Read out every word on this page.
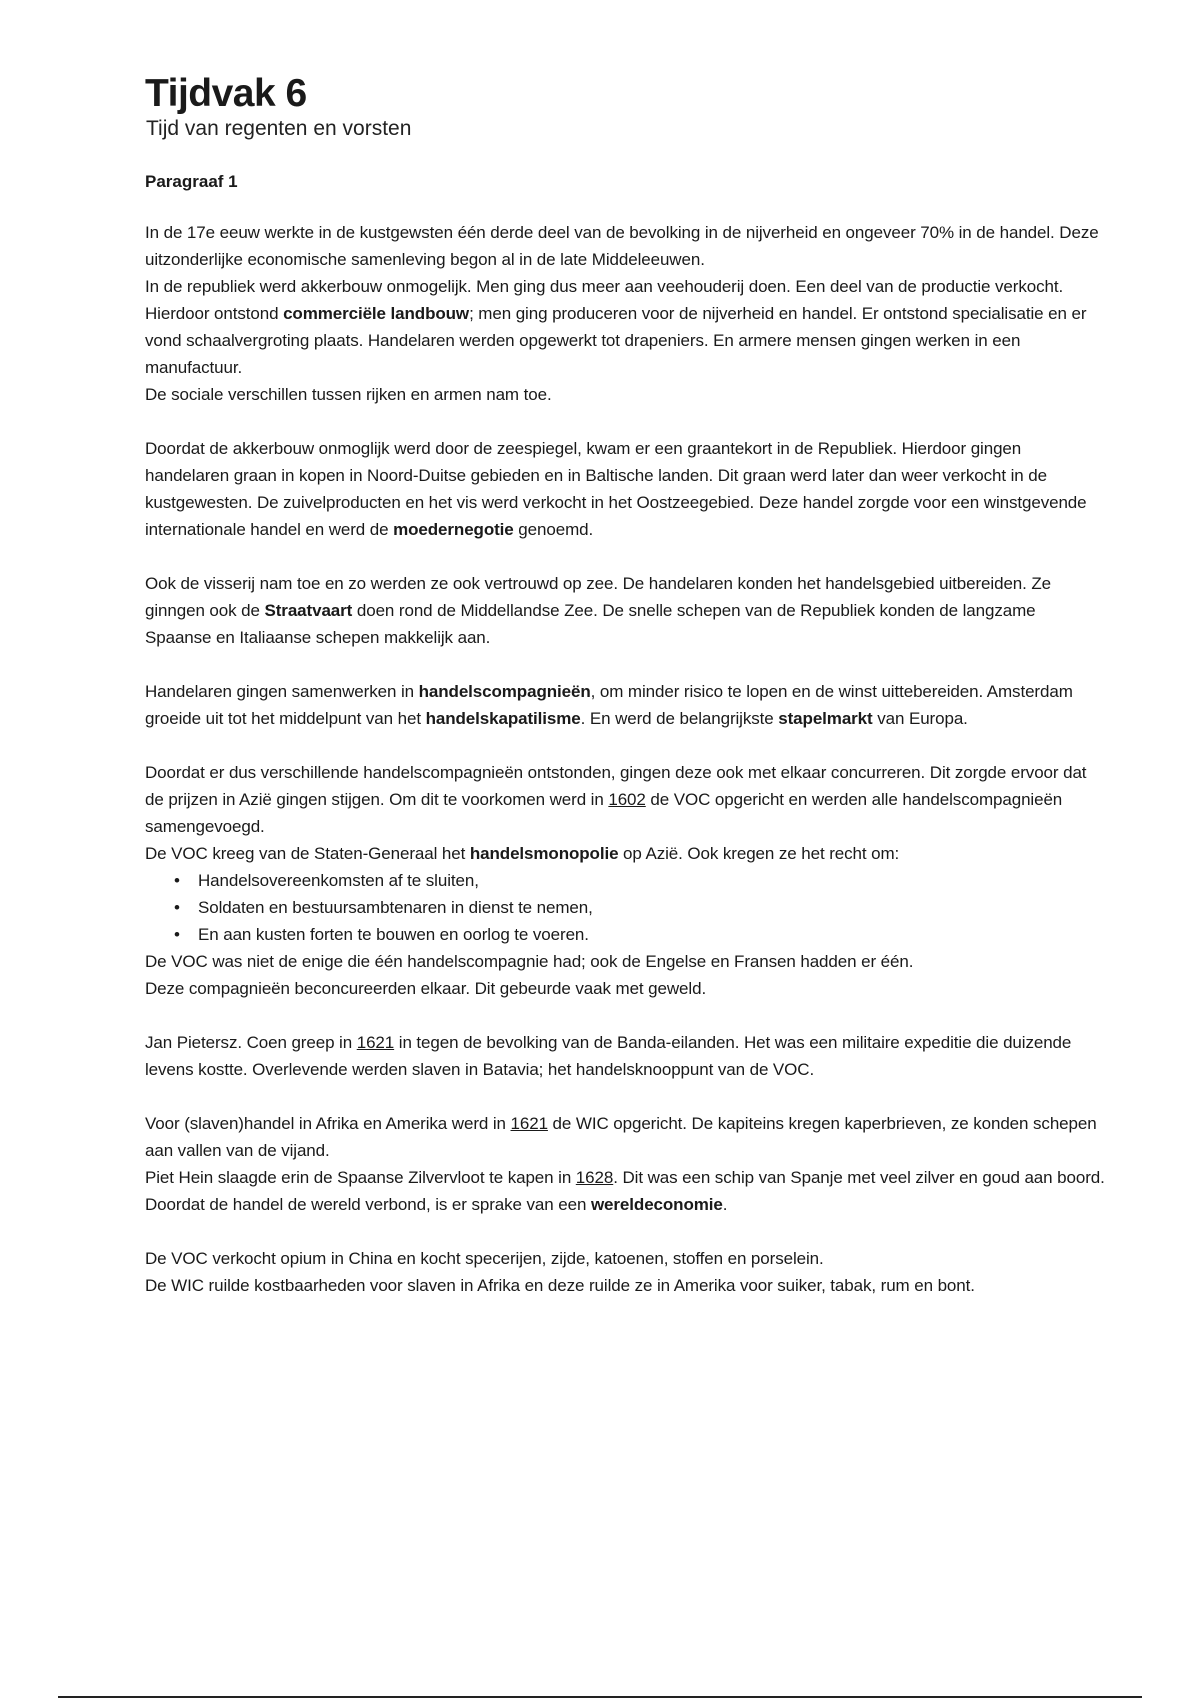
Tijdvak 6
Tijd van regenten en vorsten
Paragraaf 1

In de 17e eeuw werkte in de kustgewsten één derde deel van de bevolking in de nijverheid en ongeveer 70% in de handel. Deze uitzonderlijke economische samenleving begon al in de late Middeleeuwen.

In de republiek werd akkerbouw onmogelijk. Men ging dus meer aan veehouderij doen. Een deel van de productie verkocht. Hierdoor ontstond commerciële landbouw; men ging produceren voor de nijverheid en handel. Er ontstond specialisatie en er vond schaalvergroting plaats. Handelaren werden opgewerkt tot drapeniers. En armere mensen gingen werken in een manufactuur.

De sociale verschillen tussen rijken en armen nam toe.

Doordat de akkerbouw onmoglijk werd door de zeespiegel, kwam er een graantekort in de Republiek. Hierdoor gingen handelaren graan in kopen in Noord-Duitse gebieden en in Baltische landen. Dit graan werd later dan weer verkocht in de kustgewesten. De zuivelproducten en het vis werd verkocht in het Oostzeegebied. Deze handel zorgde voor een winstgevende internationale handel en werd de moedernegotie genoemd.

Ook de visserij nam toe en zo werden ze ook vertrouwd op zee. De handelaren konden het handelsgebied uitbereiden. Ze ginngen ook de Straatvaart doen rond de Middellandse Zee. De snelle schepen van de Republiek konden de langzame Spaanse en Italiaanse schepen makkelijk aan.

Handelaren gingen samenwerken in handelscompagnieën, om minder risico te lopen en de winst uittebereiden. Amsterdam groeide uit tot het middelpunt van het handelskapatilisme. En werd de belangrijkste stapelmarkt van Europa.

Doordat er dus verschillende handelscompagnieën ontstonden, gingen deze ook met elkaar concurreren. Dit zorgde ervoor dat de prijzen in Azië gingen stijgen. Om dit te voorkomen werd in 1602 de VOC opgericht en werden alle handelscompagnieën samengevoegd.

De VOC kreeg van de Staten-Generaal het handelsmonopolie op Azië. Ook kregen ze het recht om:

• Handelsovereenkomsten af te sluiten,
• Soldaten en bestuursambtenaren in dienst te nemen,
• En aan kusten forten te bouwen en oorlog te voeren.

De VOC was niet de enige die één handelscompagnie had; ook de Engelse en Fransen hadden er één.

Deze compagnieën beconcureerden elkaar. Dit gebeurde vaak met geweld.

Jan Pietersz. Coen greep in 1621 in tegen de bevolking van de Banda-eilanden. Het was een militaire expeditie die duizende levens kostte. Overlevende werden slaven in Batavia; het handelsknooppunt van de VOC.

Voor (slaven)handel in Afrika en Amerika werd in 1621 de WIC opgericht. De kapiteins kregen kaperbrieven, ze konden schepen aan vallen van de vijand.

Piet Hein slaagde erin de Spaanse Zilvervloot te kapen in 1628. Dit was een schip van Spanje met veel zilver en goud aan boord.

Doordat de handel de wereld verbond, is er sprake van een wereldeconomie.

De VOC verkocht opium in China en kocht specerijen, zijde, katoenen, stoffen en porselein.

De WIC ruilde kostbaarheden voor slaven in Afrika en deze ruilde ze in Amerika voor suiker, tabak, rum en bont.
